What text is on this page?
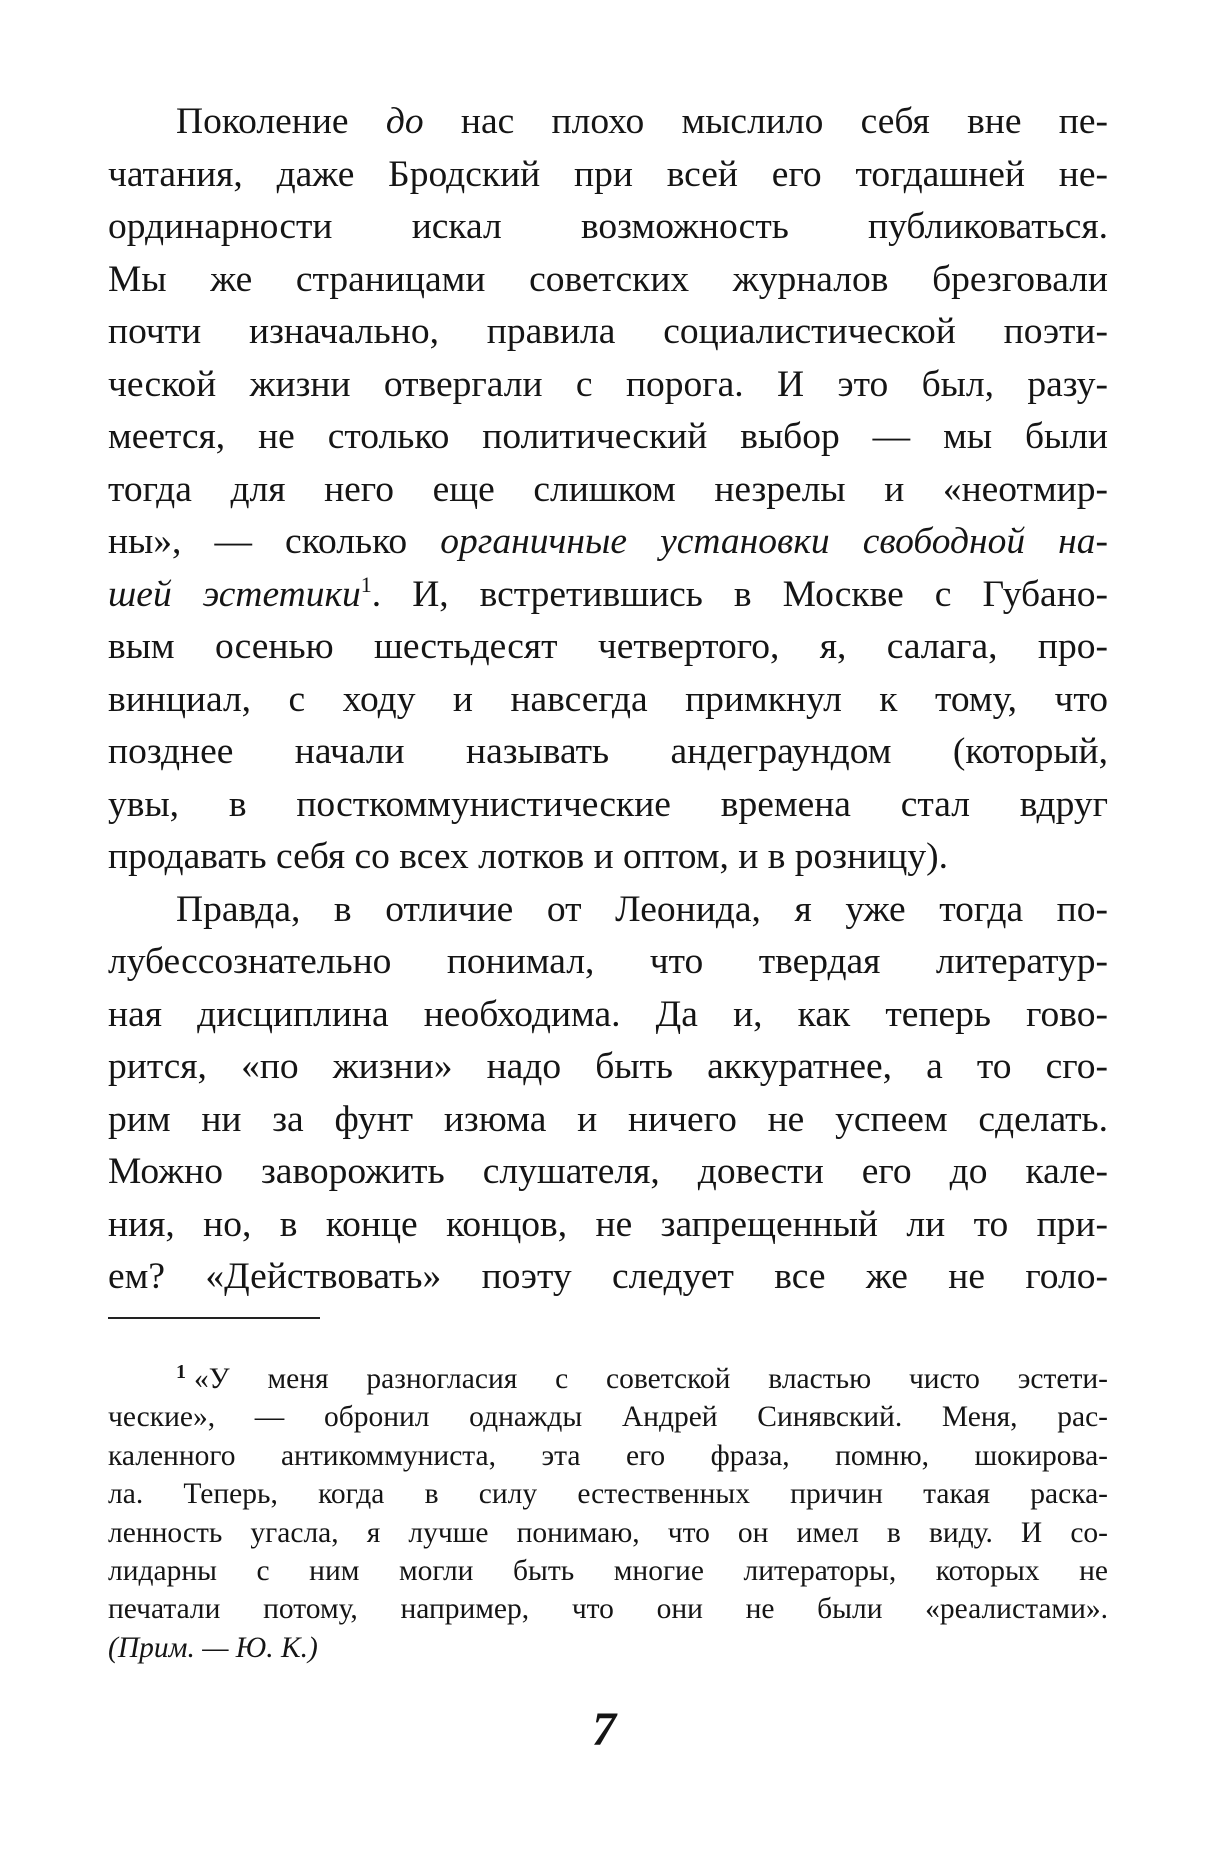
Поколение до нас плохо мыслило себя вне пе-
чатания, даже Бродский при всей его тогдашней не-
ординарности искал возможность публиковаться.
Мы же страницами советских журналов брезговали
почти изначально, правила социалистической поэти-
ческой жизни отвергали с порога. И это был, разу-
меется, не столько политический выбор — мы были
тогда для него еще слишком незрелы и «неотмир-
ны», — сколько органичные установки свободной на-
шей эстетики$^1$. И, встретившись в Москве с Губано-
вым осенью шестьдесят четвертого, я, салага, про-
винциал, с ходу и навсегда примкнул к тому, что
позднее начали называть андеграундом (который,
увы, в посткоммунистические времена стал вдруг
продавать себя со всех лотков и оптом, и в розницу).
Правда, в отличие от Леонида, я уже тогда по-
лубессознательно понимал, что твердая литератур-
ная дисциплина необходима. Да и, как теперь гово-
рится, «по жизни» надо быть аккуратнее, а то сго-
рим ни за фунт изюма и ничего не успеем сделать.
Можно заворожить слушателя, довести его до кале-
ния, но, в конце концов, не запрещенный ли то при-
ем? «Действовать» поэту следует все же не голо-
$^1$ «У меня разногласия с советской властью чисто эстети-
ческие», — обронил однажды Андрей Синявский. Меня, рас-
каленного антикоммуниста, эта его фраза, помню, шокирова-
ла. Теперь, когда в силу естественных причин такая раска-
ленность угасла, я лучше понимаю, что он имел в виду. И со-
лидарны с ним могли быть многие литераторы, которых не
печатали потому, например, что они не были «реалистами».
(Прим. — Ю. К.)
7
